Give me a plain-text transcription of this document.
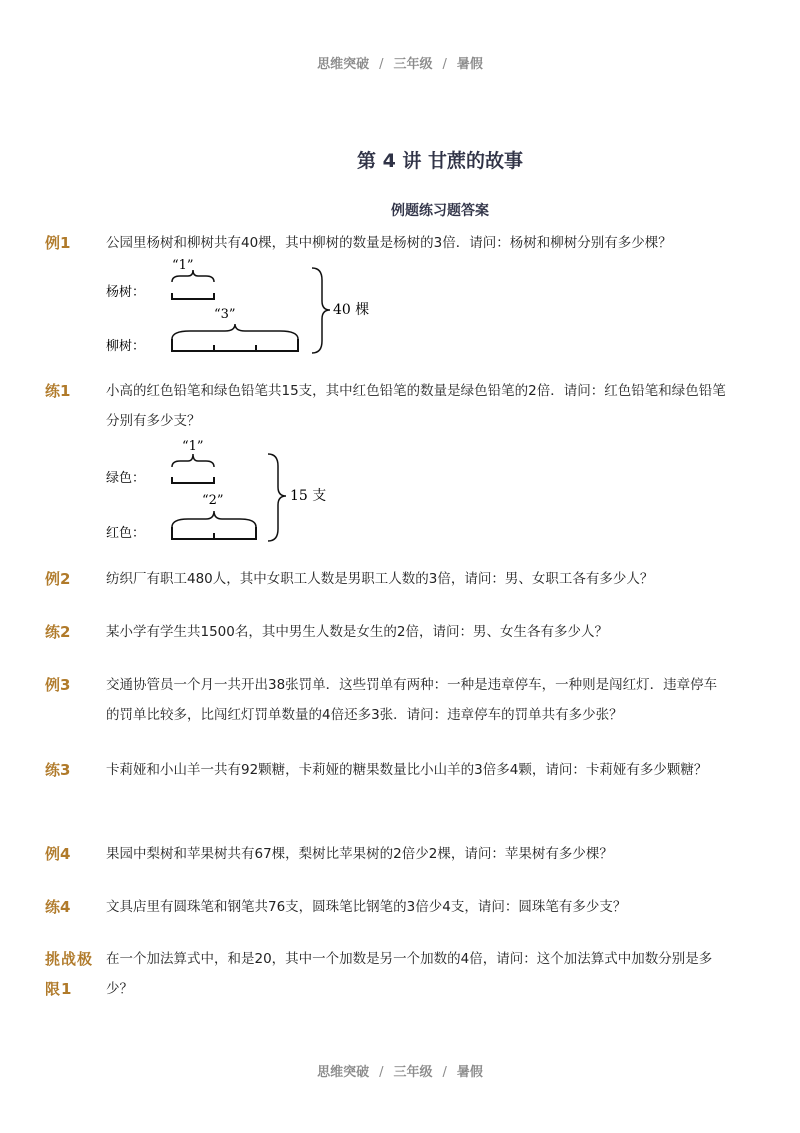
思维突破 / 三年级 / 暑假
第 4 讲 甘蔗的故事
例题练习题答案
例1	公园里杨树和柳树共有40棵，其中柳树的数量是杨树的3倍．请问：杨树和柳树分别有多少棵？
“1”
杨树：
“3”
柳树：
40 棵
练1	小高的红色铅笔和绿色铅笔共15支，其中红色铅笔的数量是绿色铅笔的2倍．请问：红色铅笔和绿色铅笔分别有多少支？
“1”
绿色：
“2”
红色：
15 支
例2	纺织厂有职工480人，其中女职工人数是男职工人数的3倍，请问：男、女职工各有多少人？
练2	某小学有学生共1500名，其中男生人数是女生的2倍，请问：男、女生各有多少人？
例3	交通协管员一个月一共开出38张罚单．这些罚单有两种：一种是违章停车，一种则是闯红灯．违章停车的罚单比较多，比闯红灯罚单数量的4倍还多3张．请问：违章停车的罚单共有多少张？
练3	卡莉娅和小山羊一共有92颗糖，卡莉娅的糖果数量比小山羊的3倍多4颗，请问：卡莉娅有多少颗糖？
例4	果园中梨树和苹果树共有67棵，梨树比苹果树的2倍少2棵，请问：苹果树有多少棵？
练4	文具店里有圆珠笔和钢笔共76支，圆珠笔比钢笔的3倍少4支，请问：圆珠笔有多少支？
挑战极限1
在一个加法算式中，和是20，其中一个加数是另一个加数的4倍，请问：这个加法算式中加数分别是多少？
思维突破 / 三年级 / 暑假
